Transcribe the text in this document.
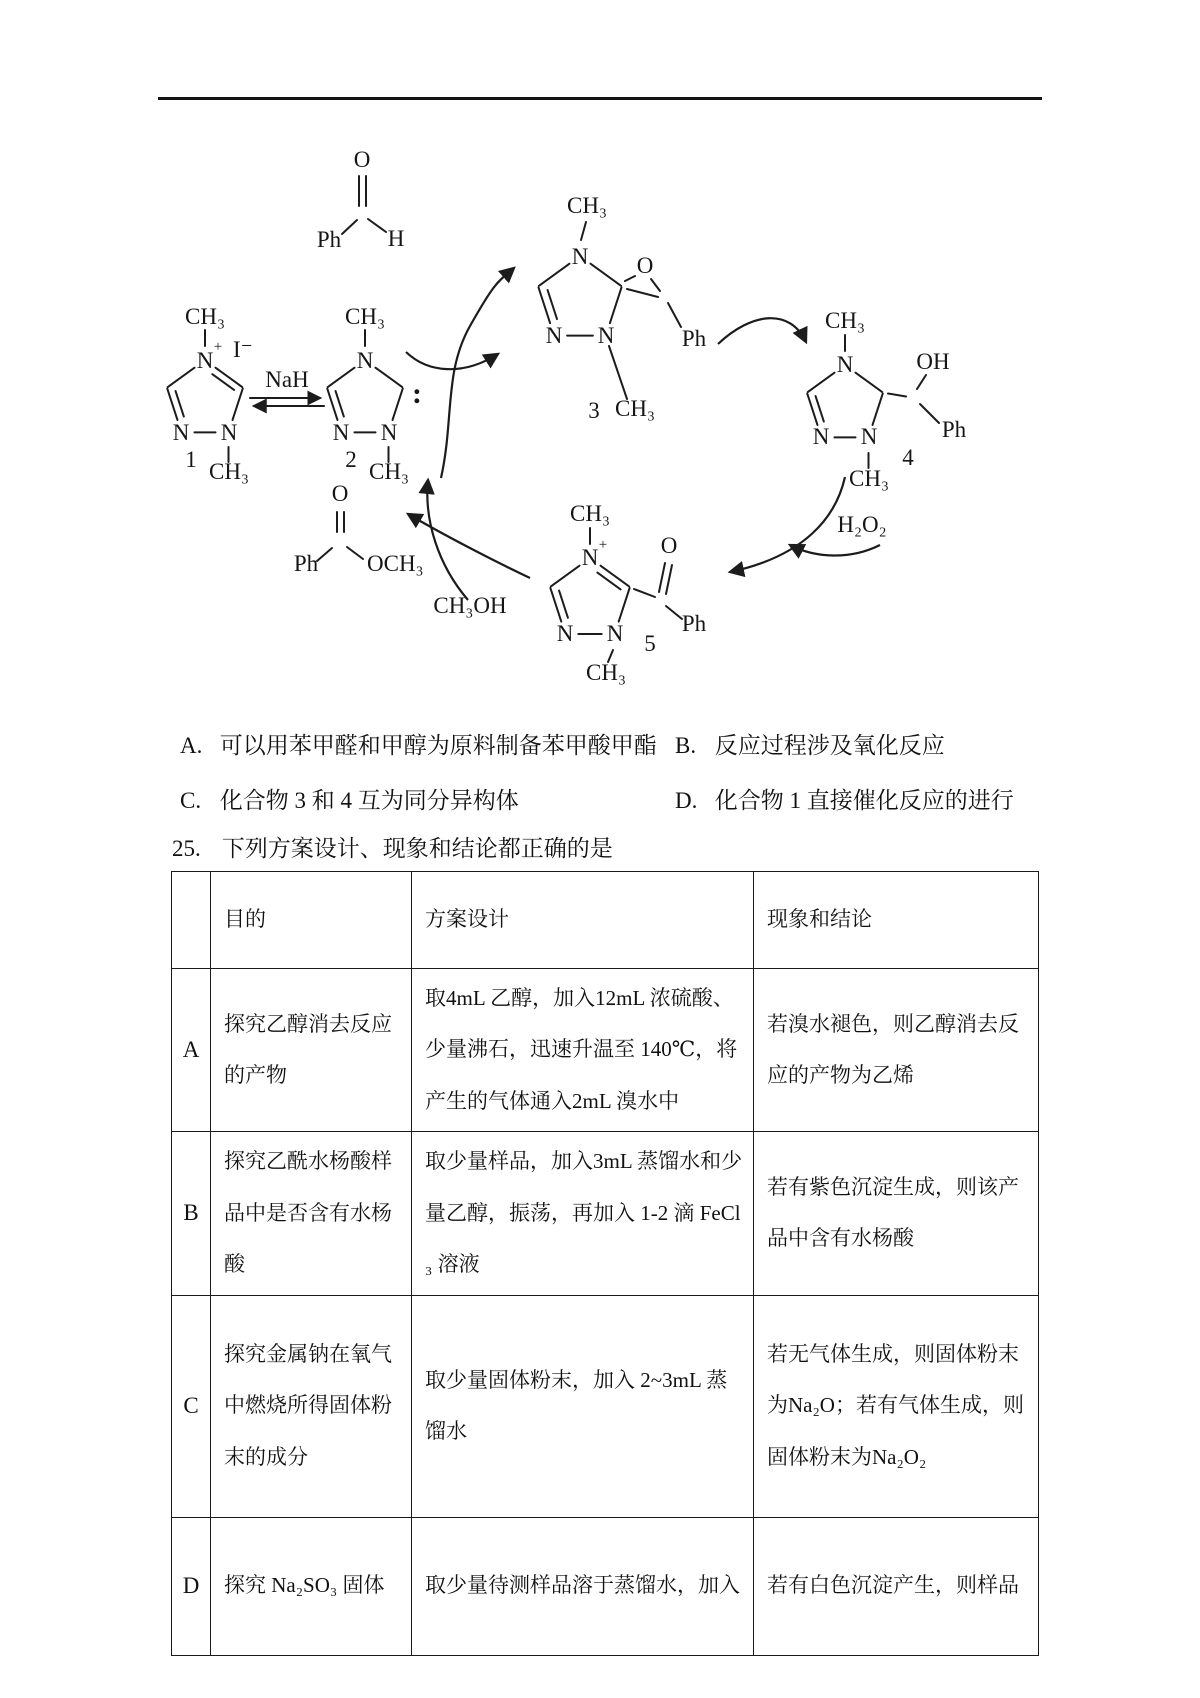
CH₃
N
+ I⁻
N N
CH₃
1
NaH
CH₃
N
N N
CH₃
2
:
O
Ph H
CH₃
N
N N
O
Ph
3 CH₃
CH₃
N
N N
CH₃
OH
Ph
4
H₂O₂
CH₃
N +
N N
CH₃
5
O
Ph
O
Ph OCH₃
CH₃OH
A. 可以用苯甲醛和甲醇为原料制备苯甲酸甲酯 B. 反应过程涉及氧化反应
C. 化合物 3 和 4 互为同分异构体	D. 化合物 1 直接催化反应的进行
25. 下列方案设计、现象和结论都正确的是
	目的	方案设计	现象和结论
A	探究乙醇消去反应的产物	取4mL 乙醇，加入12mL 浓硫酸、少量沸石，迅速升温至 140℃，将产生的气体通入2mL 溴水中	若溴水褪色，则乙醇消去反应的产物为乙烯
B	探究乙酰水杨酸样品中是否含有水杨酸	取少量样品，加入3mL 蒸馏水和少量乙醇，振荡，再加入 1-2 滴 FeCl₃ 溶液	若有紫色沉淀生成，则该产品中含有水杨酸
C	探究金属钠在氧气中燃烧所得固体粉末的成分	取少量固体粉末，加入 2~3mL 蒸馏水	若无气体生成，则固体粉末为Na₂O；若有气体生成，则固体粉末为Na₂O₂
D	探究 Na₂SO₃ 固体	取少量待测样品溶于蒸馏水，加入	若有白色沉淀产生，则样品
